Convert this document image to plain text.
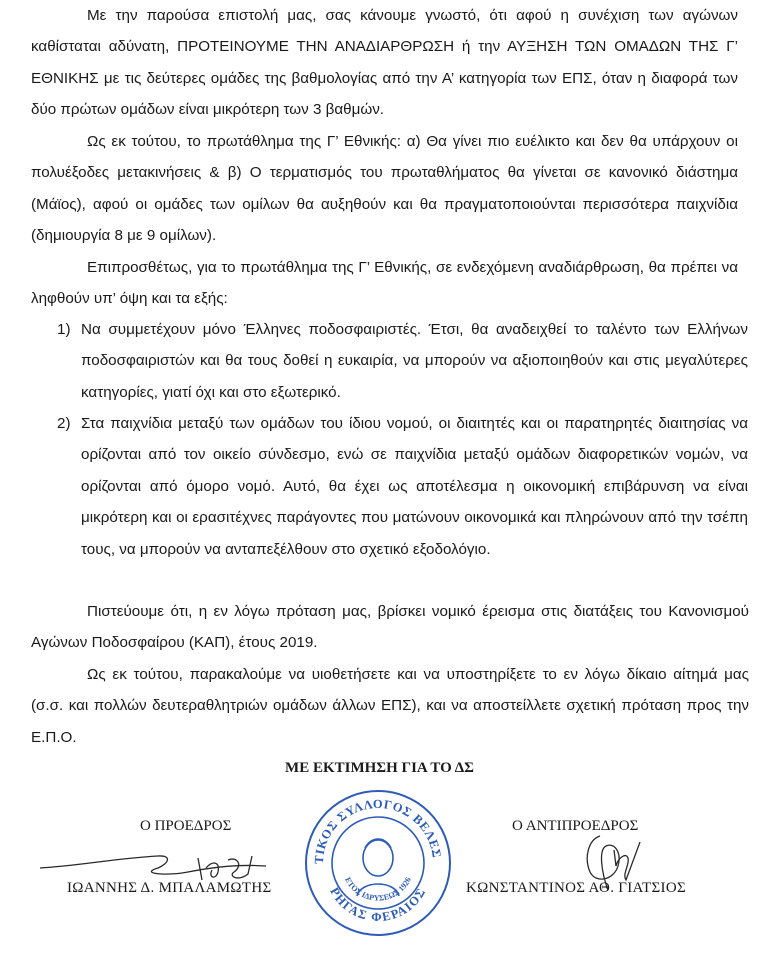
Με την παρούσα επιστολή μας, σας κάνουμε γνωστό, ότι αφού η συνέχιση των αγώνων καθίσταται αδύνατη, ΠΡΟΤΕΙΝΟΥΜΕ ΤΗΝ ΑΝΑΔΙΑΡΘΡΩΣΗ ή την ΑΥΞΗΣΗ ΤΩΝ ΟΜΑΔΩΝ ΤΗΣ Γ’ ΕΘΝΙΚΗΣ με τις δεύτερες ομάδες της βαθμολογίας από την Α’ κατηγορία των ΕΠΣ, όταν η διαφορά των δύο πρώτων ομάδων είναι μικρότερη των 3 βαθμών.

Ως εκ τούτου, το πρωτάθλημα της Γ’ Εθνικής: α) Θα γίνει πιο ευέλικτο και δεν θα υπάρχουν οι πολυέξοδες μετακινήσεις & β) Ο τερματισμός του πρωταθλήματος θα γίνεται σε κανονικό διάστημα (Μάϊος), αφού οι ομάδες των ομίλων θα αυξηθούν και θα πραγματοποιούνται περισσότερα παιχνίδια (δημιουργία 8 με 9 ομίλων).

Επιπροσθέτως, για το πρωτάθλημα της Γ’ Εθνικής, σε ενδεχόμενη αναδιάρθρωση, θα πρέπει να ληφθούν υπ’ όψη και τα εξής:

1) Να συμμετέχουν μόνο Έλληνες ποδοσφαιριστές. Έτσι, θα αναδειχθεί το ταλέντο των Ελλήνων ποδοσφαιριστών και θα τους δοθεί η ευκαιρία, να μπορούν να αξιοποιηθούν και στις μεγαλύτερες κατηγορίες, γιατί όχι και στο εξωτερικό.

2) Στα παιχνίδια μεταξύ των ομάδων του ίδιου νομού, οι διαιτητές και οι παρατηρητές διαιτησίας να ορίζονται από τον οικείο σύνδεσμο, ενώ σε παιχνίδια μεταξύ ομάδων διαφορετικών νομών, να ορίζονται από όμορο νομό. Αυτό, θα έχει ως αποτέλεσμα η οικονομική επιβάρυνση να είναι μικρότερη και οι ερασιτέχνες παράγοντες που ματώνουν οικονομικά και πληρώνουν από την τσέπη τους, να μπορούν να ανταπεξέλθουν στο σχετικό εξοδολόγιο.

Πιστεύουμε ότι, η εν λόγω πρόταση μας, βρίσκει νομικό έρεισμα στις διατάξεις του Κανονισμού Αγώνων Ποδοσφαίρου (ΚΑΠ), έτους 2019.

Ως εκ τούτου, παρακαλούμε να υιοθετήσετε και να υποστηρίξετε το εν λόγω δίκαιο αίτημά μας (σ.σ. και πολλών δευτεραθλητριών ομάδων άλλων ΕΠΣ), και να αποστείλλετε σχετική πρόταση προς την Ε.Π.Ο.

ΜΕ ΕΚΤΙΜΗΣΗ ΓΙΑ ΤΟ ΔΣ
Ο ΠΡΟΕΔΡΟΣ
ΙΩΑΝΝΗΣ Δ. ΜΠΑΛΑΜΩΤΗΣ
ΑΘΛΗΤΙΚΟΣ ΣΥΛΛΟΓΟΣ ΒΕΛΕΣΤΙΝΟΥ
ΡΗΓΑΣ ΦΕΡΑΙΟΣ
ΕΤΟΣ ΙΔΡΥΣΕΩΣ 1926
Ο ΑΝΤΙΠΡΟΕΔΡΟΣ
ΚΩΝΣΤΑΝΤΙΝΟΣ ΑΘ. ΓΙΑΤΣΙΟΣ
